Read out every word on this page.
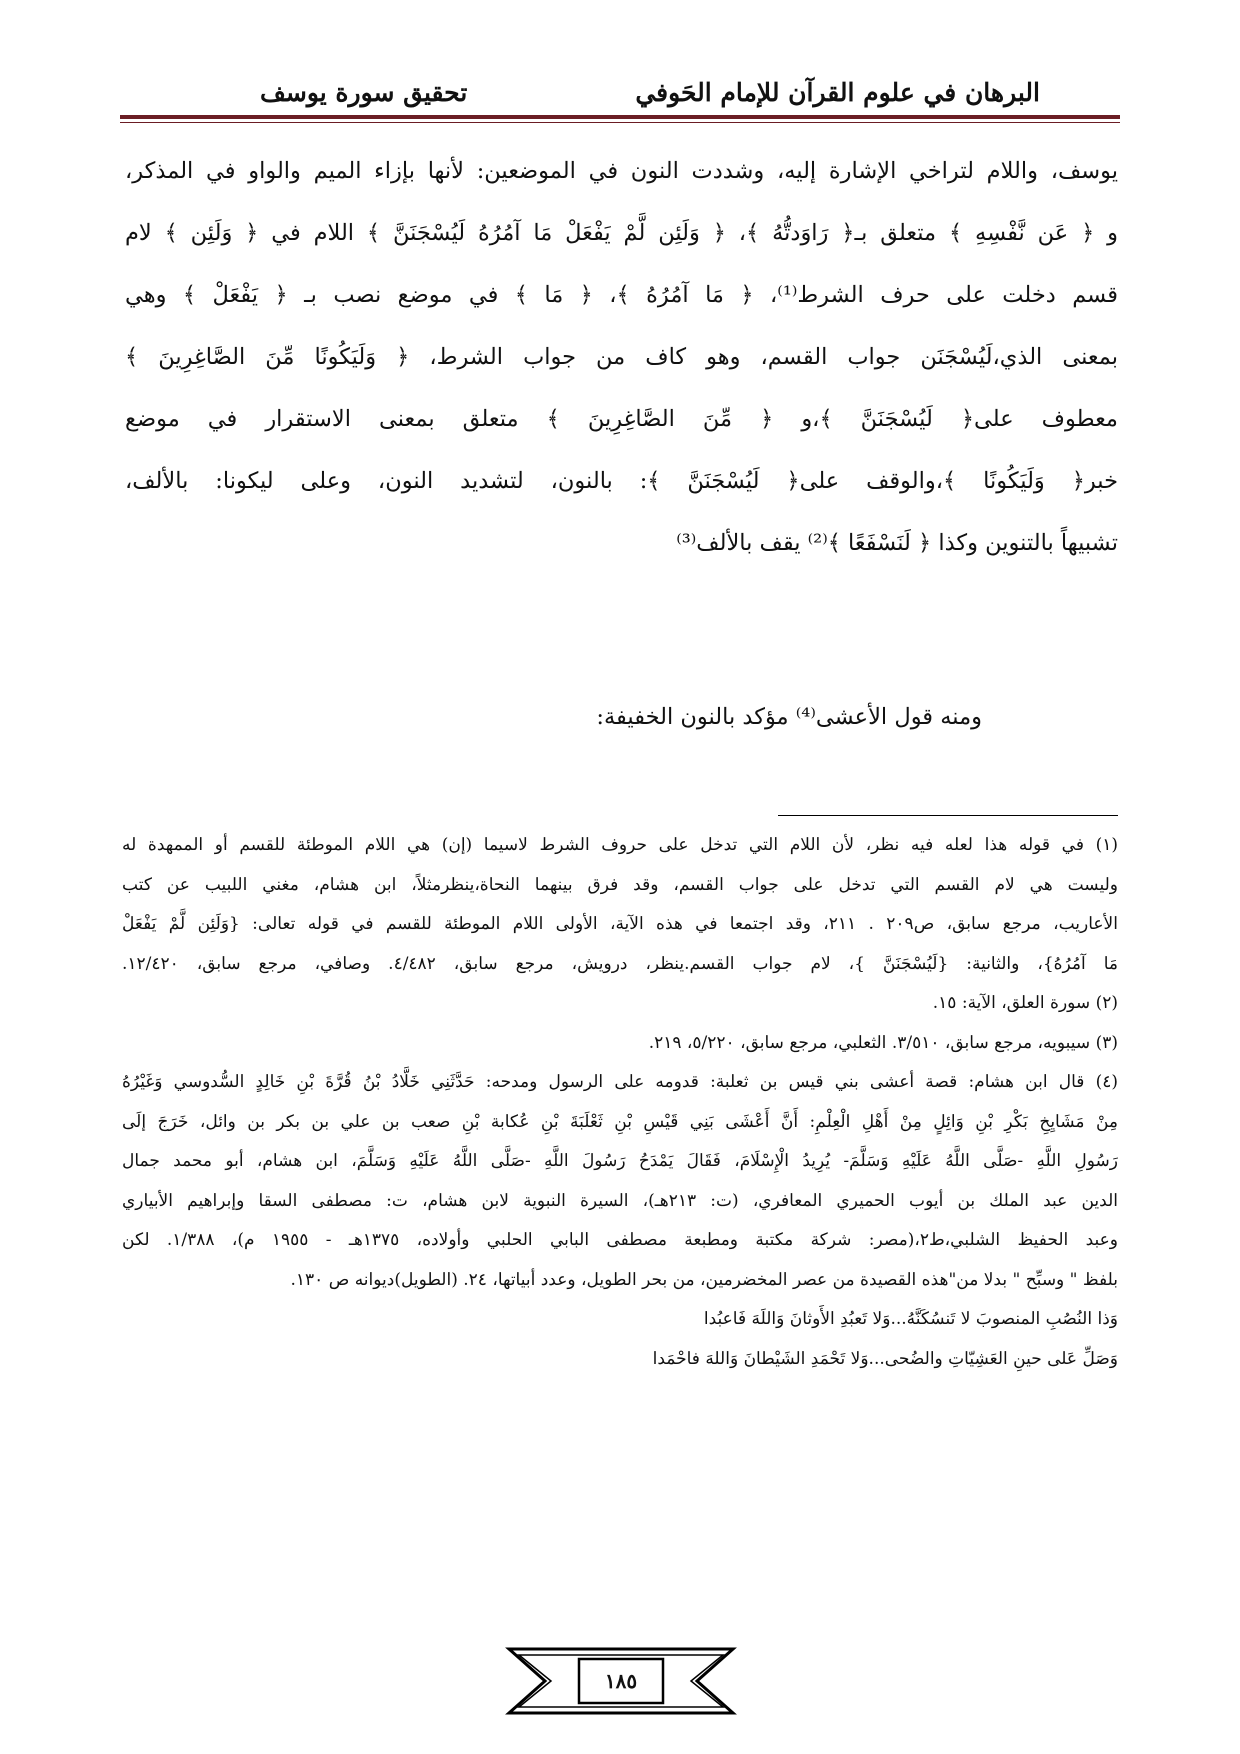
البرهان في علوم القرآن للإمام الحَوفي
تحقيق سورة يوسف
يوسف، واللام لتراخي الإشارة إليه، وشددت النون في الموضعين: لأنها بإزاء الميم والواو في المذكر،
و ﴿ عَن نَّفْسِهِ ﴾ متعلق بـ﴿ رَاوَدتُّهُ ﴾، ﴿ وَلَئِن لَّمْ يَفْعَلْ مَا آمُرُهُ لَيُسْجَنَنَّ ﴾ اللام في ﴿ وَلَئِن ﴾ لام
قسم دخلت على حرف الشرط⁽¹⁾، ﴿ مَا آمُرُهُ ﴾، ﴿ مَا ﴾ في موضع نصب بـ ﴿ يَفْعَلْ ﴾ وهي
بمعنى الذي،لَيُسْجَنَن جواب القسم، وهو كاف من جواب الشرط، ﴿ وَلَيَكُونًا مِّنَ الصَّاغِرِينَ ﴾
معطوف على﴿ لَيُسْجَنَنَّ ﴾،و ﴿ مِّنَ الصَّاغِرِينَ ﴾ متعلق بمعنى الاستقرار في موضع
خبر﴿ وَلَيَكُونًا ﴾،والوقف على﴿ لَيُسْجَنَنَّ ﴾: بالنون، لتشديد النون، وعلى ليكونا: بالألف،
تشبيهاً بالتنوين وكذا ﴿ لَنَسْفَعًا ﴾⁽²⁾ يقف بالألف⁽³⁾
ومنه قول الأعشى⁽⁴⁾ مؤكد بالنون الخفيفة:
(١) في قوله هذا لعله فيه نظر، لأن اللام التي تدخل على حروف الشرط لاسيما (إن) هي اللام الموطئة للقسم أو الممهدة له
وليست هي لام القسم التي تدخل على جواب القسم، وقد فرق بينهما النحاة،ينظرمثلاً، ابن هشام، مغني اللبيب عن كتب
الأعاريب، مرجع سابق، ص٢٠٩ . ٢١١، وقد اجتمعا في هذه الآية، الأولى اللام الموطئة للقسم في قوله تعالى: {وَلَئِن لَّمْ يَفْعَلْ
مَا آمُرُهُ}، والثانية: {لَيُسْجَنَنَّ }، لام جواب القسم.ينظر، درويش، مرجع سابق، ٤/٤٨٢. وصافي، مرجع سابق، ١٢/٤٢٠.
(٢) سورة العلق، الآية: ١٥.
(٣) سيبويه، مرجع سابق، ٣/٥١٠. الثعلبي، مرجع سابق، ٥/٢٢٠، ٢١٩.
(٤) قال ابن هشام: قصة أعشى بني قيس بن ثعلبة: قدومه على الرسول ومدحه: حَدَّثَنِي خَلَّادُ بْنُ قُرَّةَ بْنِ خَالِدٍ السُّدوسي وَغَيْرُهُ
مِنْ مَشَايِخِ بَكْرِ بْنِ وَائِلٍ مِنْ أَهْلِ الْعِلْمِ: أَنَّ أَعْشَى بَنِي قَيْسِ بْنِ ثَعْلَبَةَ بْنِ عُكابة بْنِ صعب بن علي بن بكر بن وائل، خَرَجَ إلَى
رَسُولِ اللَّهِ -صَلَّى اللَّهُ عَلَيْهِ وَسَلَّمَ- يُرِيدُ الْإِسْلَامَ، فَقَالَ يَمْدَحُ رَسُولَ اللَّهِ -صَلَّى اللَّهُ عَلَيْهِ وَسَلَّمَ، ابن هشام، أبو محمد جمال
الدين عبد الملك بن أيوب الحميري المعافري، (ت: ٢١٣هـ)، السيرة النبوية لابن هشام، ت: مصطفى السقا وإبراهيم الأبياري
وعبد الحفيظ الشلبي،ط٢،(مصر: شركة مكتبة ومطبعة مصطفى البابي الحلبي وأولاده، ١٣٧٥هـ - ١٩٥٥ م)، ١/٣٨٨. لكن
بلفظ " وسبِّح " بدلا من"هذه القصيدة من عصر المخضرمين، من بحر الطويل، وعدد أبياتها، ٢٤. (الطويل)ديوانه ص ١٣٠.
وَذا النُصُبِ المنصوبَ لا تَنسُكَنَّهُ...وَلا تَعبُدِ الأَوثانَ وَاللَهَ فَاعبُدا
وَصَلِّ عَلى حينِ العَشِيّاتِ والضُحى...وَلا تَحْمَدِ الشَيْطانَ وَاللهَ فاحْمَدا
١٨٥
